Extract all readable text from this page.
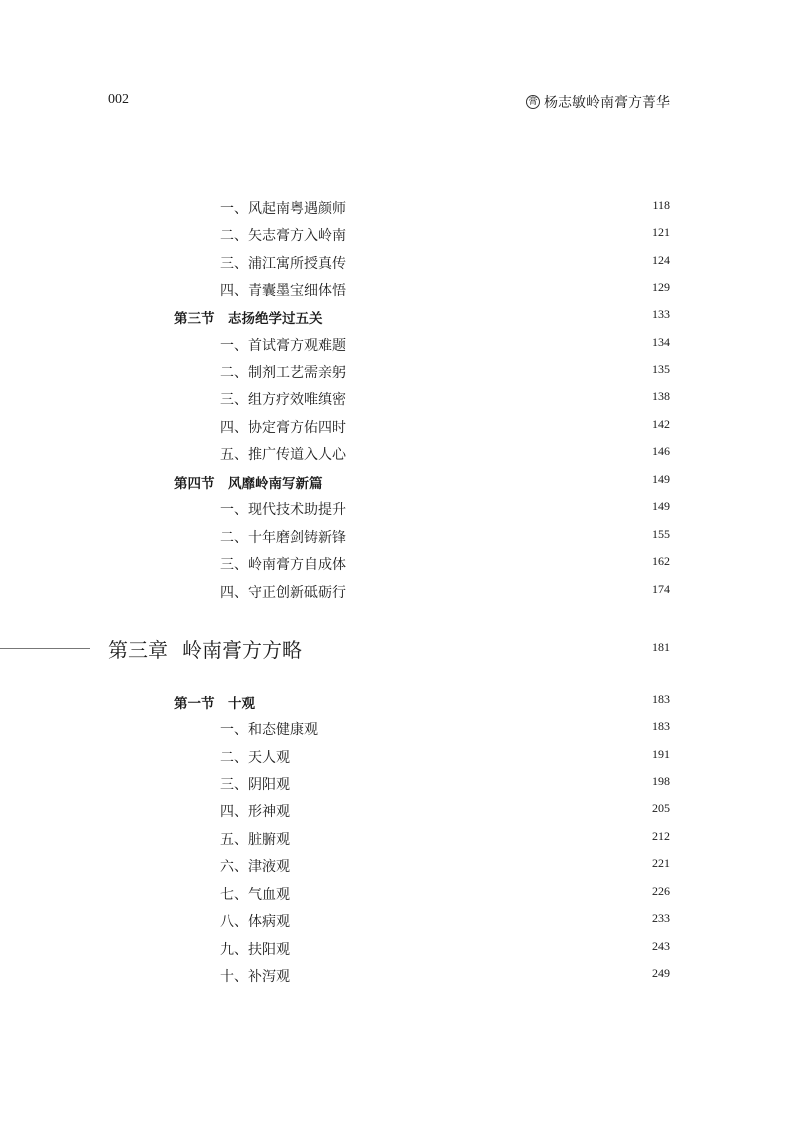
002	膏 杨志敏岭南膏方菁华
一、风起南粤遇颜师	118
二、矢志膏方入岭南	121
三、浦江寓所授真传	124
四、青囊墨宝细体悟	129
第三节 志扬绝学过五关	133
一、首试膏方观难题	134
二、制剂工艺需亲躬	135
三、组方疗效唯缜密	138
四、协定膏方佑四时	142
五、推广传道入人心	146
第四节 风靡岭南写新篇	149
一、现代技术助提升	149
二、十年磨剑铸新锋	155
三、岭南膏方自成体	162
四、守正创新砥砺行	174
第三章 岭南膏方方略	181
第一节 十观	183
一、和态健康观	183
二、天人观	191
三、阴阳观	198
四、形神观	205
五、脏腑观	212
六、津液观	221
七、气血观	226
八、体病观	233
九、扶阳观	243
十、补泻观	249
